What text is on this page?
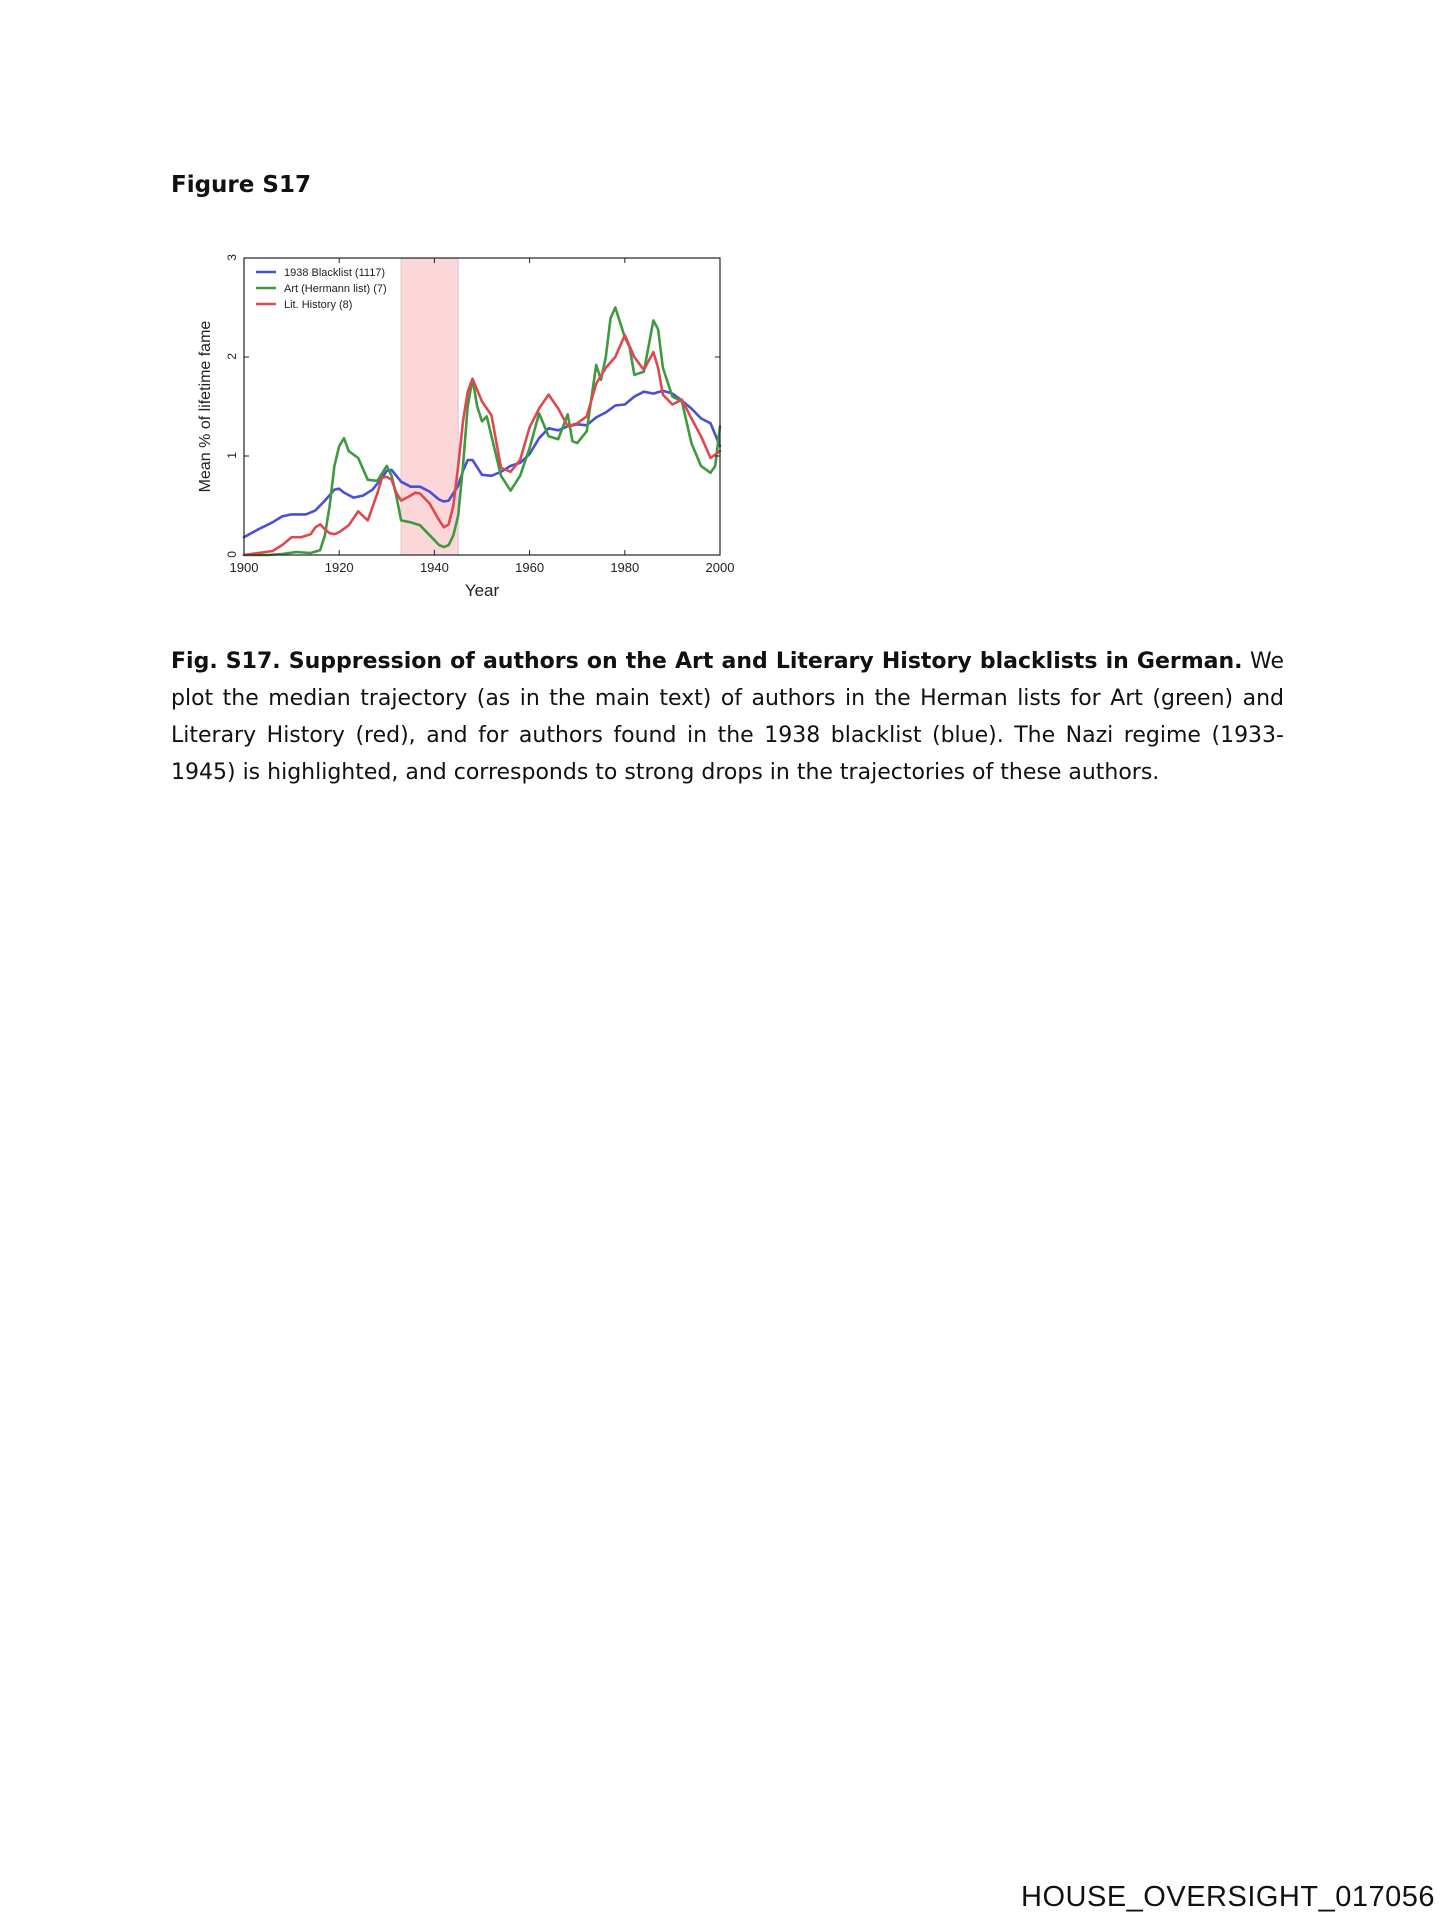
Figure S17
1900	1920	1940	1960	1980	2000
0
1
2
3
Year
Mean % of lifetime fame
1938 Blacklist (1117)
Art (Hermann list) (7)
Lit. History (8)
Fig. S17. Suppression of authors on the Art and Literary History blacklists in German. We plot the median trajectory (as in the main text) of authors in the Herman lists for Art (green) and Literary History (red), and for authors found in the 1938 blacklist (blue). The Nazi regime (1933-1945) is highlighted, and corresponds to strong drops in the trajectories of these authors.
HOUSE_OVERSIGHT_017056
